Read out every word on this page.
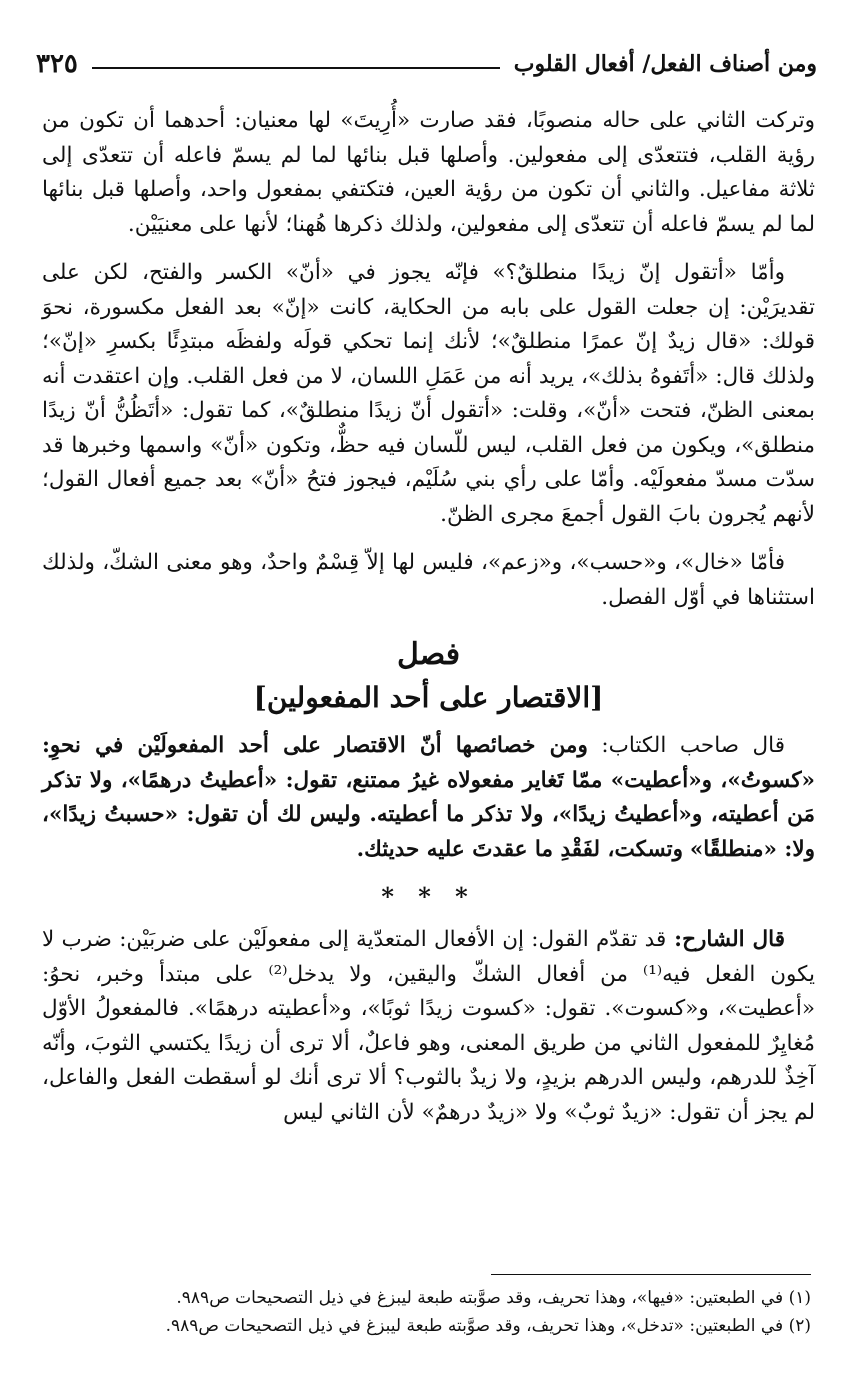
ومن أصناف الفعل/ أفعال القلوب
٣٢٥

وتركت الثاني على حاله منصوبًا، فقد صارت «أُرِيتَ» لها معنيان: أحدهما أن تكون من رؤية القلب، فتتعدّى إلى مفعولين. وأصلها قبل بنائها لما لم يسمّ فاعله أن تتعدّى إلى ثلاثة مفاعيل. والثاني أن تكون من رؤية العين، فتكتفي بمفعول واحد، وأصلها قبل بنائها لما لم يسمّ فاعله أن تتعدّى إلى مفعولين، ولذلك ذكرها هُهنا؛ لأنها على معنيَيْن.

وأمّا «أتقول إنّ زيدًا منطلقٌ؟» فإنّه يجوز في «أنّ» الكسر والفتح، لكن على تقديرَيْن: إن جعلت القول على بابه من الحكاية، كانت «إنّ» بعد الفعل مكسورة، نحوَ قولك: «قال زيدٌ إنّ عمرًا منطلقٌ»؛ لأنك إنما تحكي قولَه ولفظَه مبتدِئًا بكسرِ «إنّ»؛ ولذلك قال: «أتَفوهُ بذلك»، يريد أنه من عَمَلِ اللسان، لا من فعل القلب. وإن اعتقدت أنه بمعنى الظنّ، فتحت «أنّ»، وقلت: «أتقول أنّ زيدًا منطلقٌ»، كما تقول: «أتَظُنُّ أنّ زيدًا منطلق»، ويكون من فعل القلب، ليس للّسان فيه حظٌّ، وتكون «أنّ» واسمها وخبرها قد سدّت مسدّ مفعولَيْه. وأمّا على رأي بني سُلَيْم، فيجوز فتحُ «أنّ» بعد جميع أفعال القول؛ لأنهم يُجرون بابَ القول أجمعَ مجرى الظنّ.

فأمّا «خال»، و«حسب»، و«زعم»، فليس لها إلاّ قِسْمٌ واحدٌ، وهو معنى الشكّ، ولذلك استثناها في أوّل الفصل.

فصل
[الاقتصار على أحد المفعولين]

قال صاحب الكتاب: ومن خصائصها أنّ الاقتصار على أحد المفعولَيْن في نحوِ: «كسوتُ»، و«أعطيت» ممّا تَغاير مفعولاه غيرُ ممتنع، تقول: «أعطيتُ درهمًا»، ولا تذكر مَن أعطيته، و«أعطيتُ زيدًا»، ولا تذكر ما أعطيته. وليس لك أن تقول: «حسبتُ زيدًا»، ولا: «منطلقًا» وتسكت، لفَقْدِ ما عقدتَ عليه حديثك.

* * *

قال الشارح: قد تقدّم القول: إن الأفعال المتعدّية إلى مفعولَيْن على ضربَيْن: ضرب لا يكون الفعل فيه⁽¹⁾ من أفعال الشكّ واليقين، ولا يدخل⁽²⁾ على مبتدأ وخبر، نحوُ: «أعطيت»، و«كسوت». تقول: «كسوت زيدًا ثوبًا»، و«أعطيته درهمًا». فالمفعولُ الأوّل مُغايِرٌ للمفعول الثاني من طريق المعنى، وهو فاعلٌ، ألا ترى أن زيدًا يكتسي الثوبَ، وأنّه آخِذٌ للدرهم، وليس الدرهم بزيدٍ، ولا زيدٌ بالثوب؟ ألا ترى أنك لو أسقطت الفعل والفاعل، لم يجز أن تقول: «زيدٌ ثوبٌ» ولا «زيدٌ درهمٌ» لأن الثاني ليس

(١) في الطبعتين: «فيها»، وهذا تحريف، وقد صوَّبته طبعة ليبزغ في ذيل التصحيحات ص٩٨٩.
(٢) في الطبعتين: «تدخل»، وهذا تحريف، وقد صوَّبته طبعة ليبزغ في ذيل التصحيحات ص٩٨٩.
